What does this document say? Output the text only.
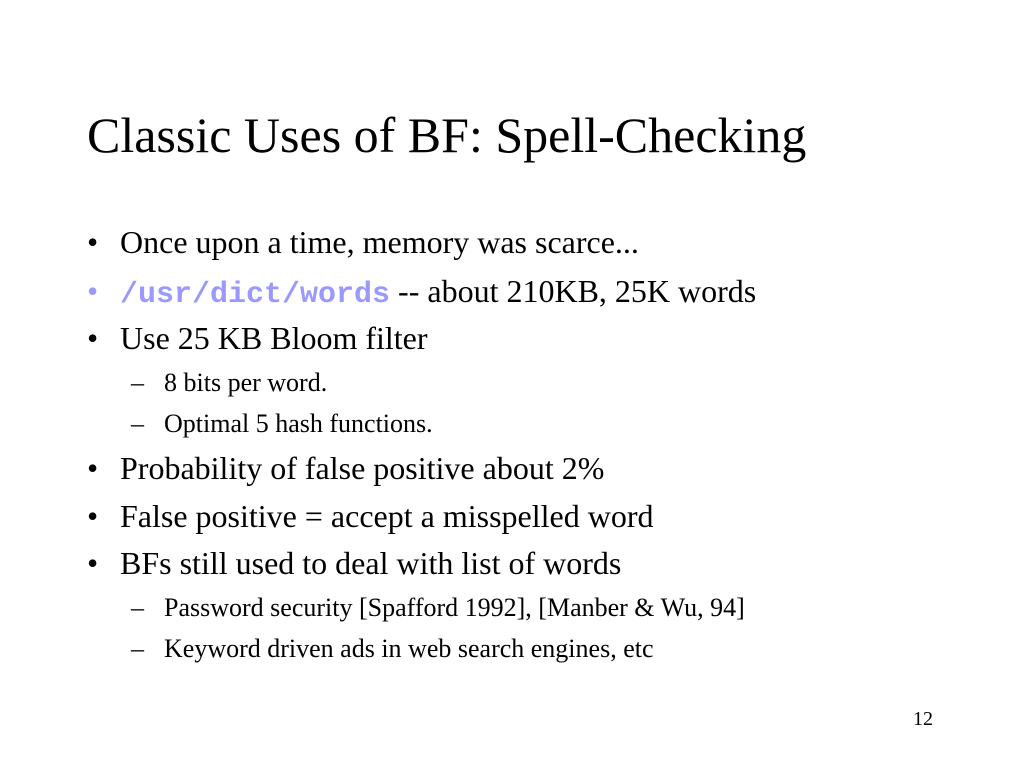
Classic Uses of BF: Spell-Checking
• Once upon a time, memory was scarce...
• /usr/dict/words -- about 210KB, 25K words
• Use 25 KB Bloom filter
– 8 bits per word.
– Optimal 5 hash functions.
• Probability of false positive about 2%
• False positive = accept a misspelled word
• BFs still used to deal with list of words
– Password security [Spafford 1992], [Manber & Wu, 94]
– Keyword driven ads in web search engines, etc
12
